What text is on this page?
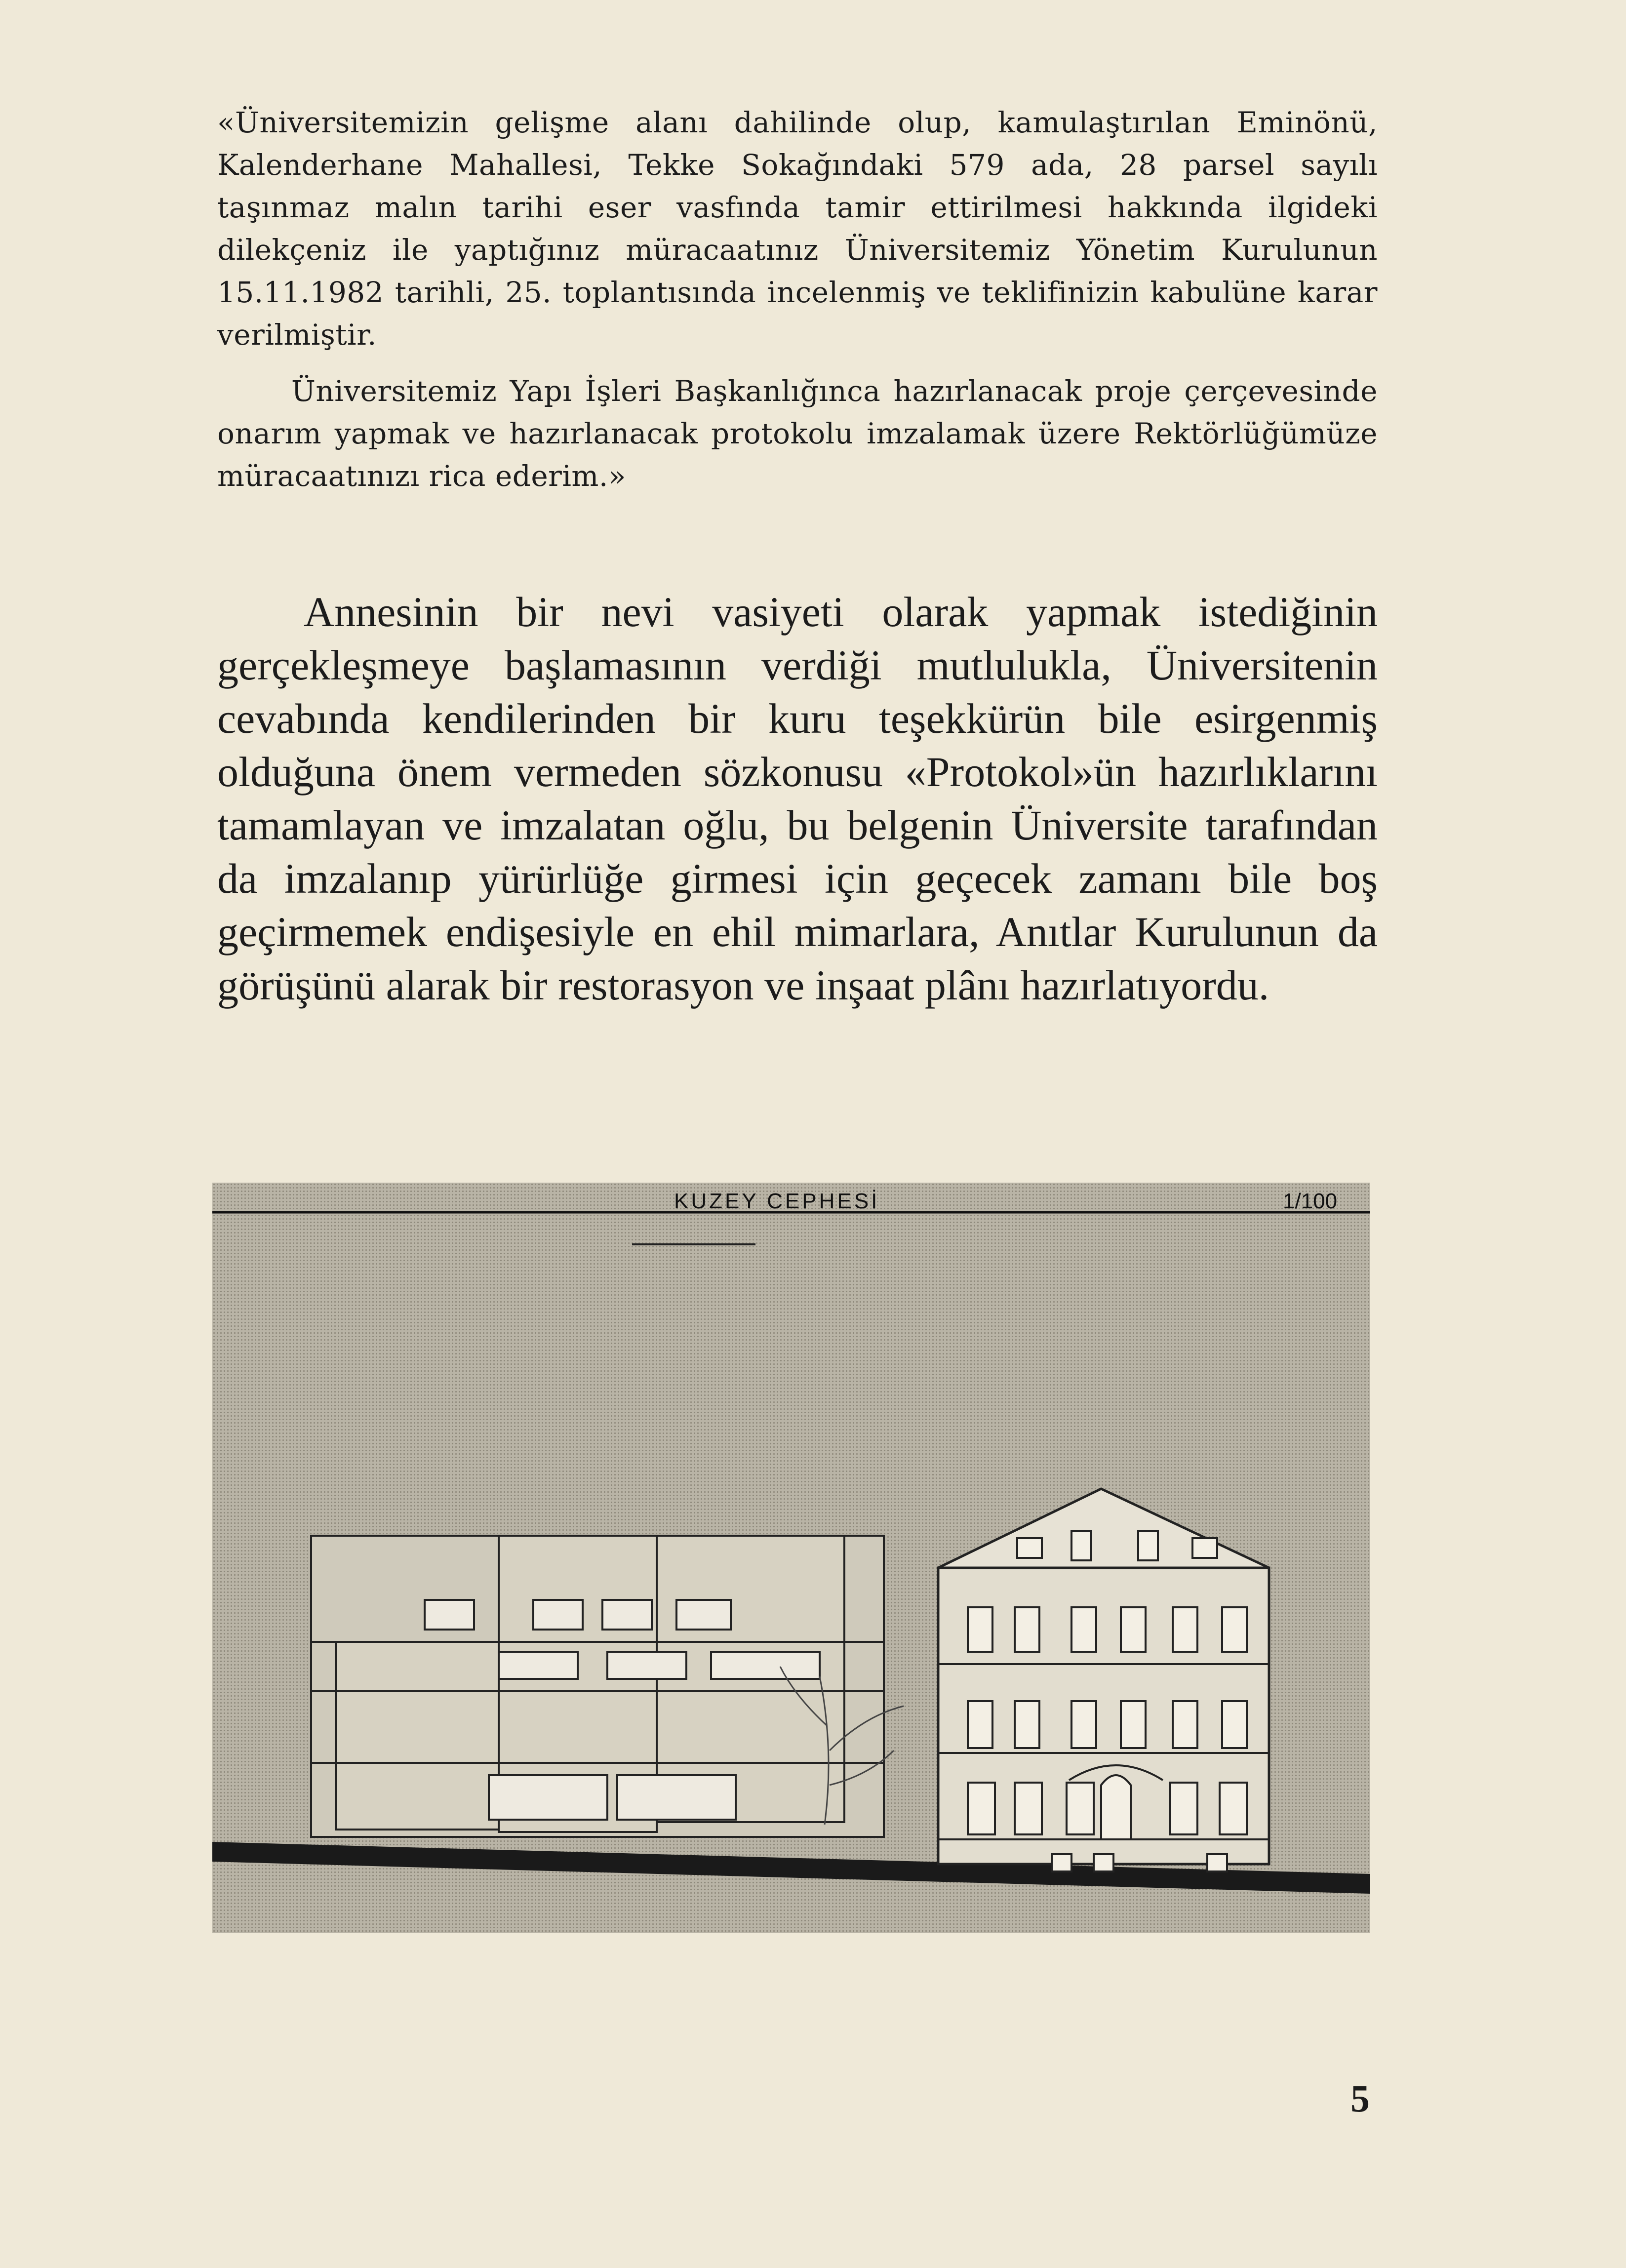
«Üniversitemizin gelişme alanı dahilinde olup, kamulaştırılan Eminönü, Kalenderhane Mahallesi, Tekke Sokağındaki 579 ada, 28 parsel sayılı taşınmaz malın tarihi eser vasfında tamir ettirilmesi hakkında ilgideki dilekçeniz ile yaptığınız müracaatınız Üniversitemiz Yönetim Kurulunun 15.11.1982 tarihli, 25. toplantısında incelenmiş ve teklifinizin kabulüne karar verilmiştir.

Üniversitemiz Yapı İşleri Başkanlığınca hazırlanacak proje çerçevesinde onarım yapmak ve hazırlanacak protokolu imzalamak üzere Rektörlüğümüze müracaatınızı rica ederim.»

Annesinin bir nevi vasiyeti olarak yapmak istediğinin gerçekleşmeye başlamasının verdiği mutlulukla, Üniversitenin cevabında kendilerinden bir kuru teşekkürün bile esirgenmiş olduğuna önem vermeden sözkonusu «Protokol»ün hazırlıklarını tamamlayan ve imzalatan oğlu, bu belgenin Üniversite tarafından da imzalanıp yürürlüğe girmesi için geçecek zamanı bile boş geçirmemek endişesiyle en ehil mimarlara, Anıtlar Kurulunun da görüşünü alarak bir restorasyon ve inşaat plânı hazırlatıyordu.

KUZEY CEPHESİ	1/100
5
